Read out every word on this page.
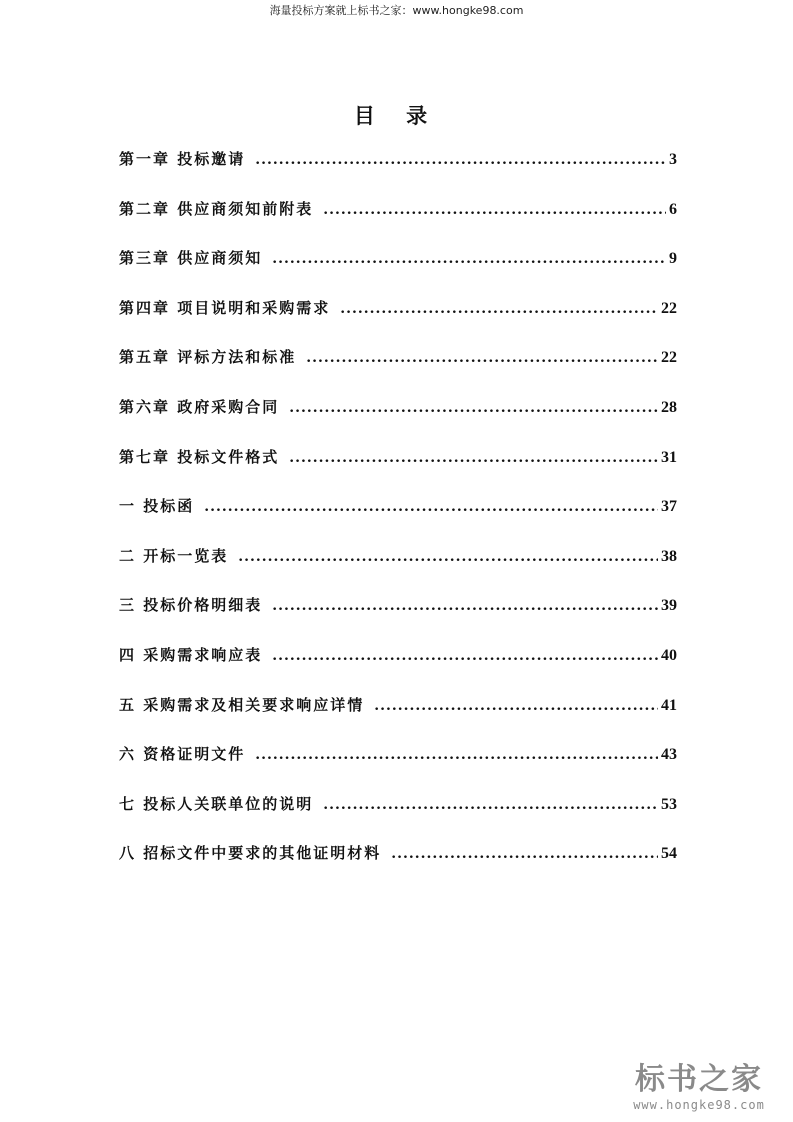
海量投标方案就上标书之家：www.hongke98.com
目 录
第一章 投标邀请 .....	3
第二章 供应商须知前附表 .....	6
第三章 供应商须知 .....	9
第四章 项目说明和采购需求 .....	22
第五章 评标方法和标准 .....	22
第六章 政府采购合同 .....	28
第七章 投标文件格式 .....	31
一 投标函 .....	37
二 开标一览表 .....	38
三 投标价格明细表 .....	39
四 采购需求响应表 .....	40
五 采购需求及相关要求响应详情 .....	41
六 资格证明文件 .....	43
七 投标人关联单位的说明 .....	53
八 招标文件中要求的其他证明材料 .....	54
标书之家
www.hongke98.com
